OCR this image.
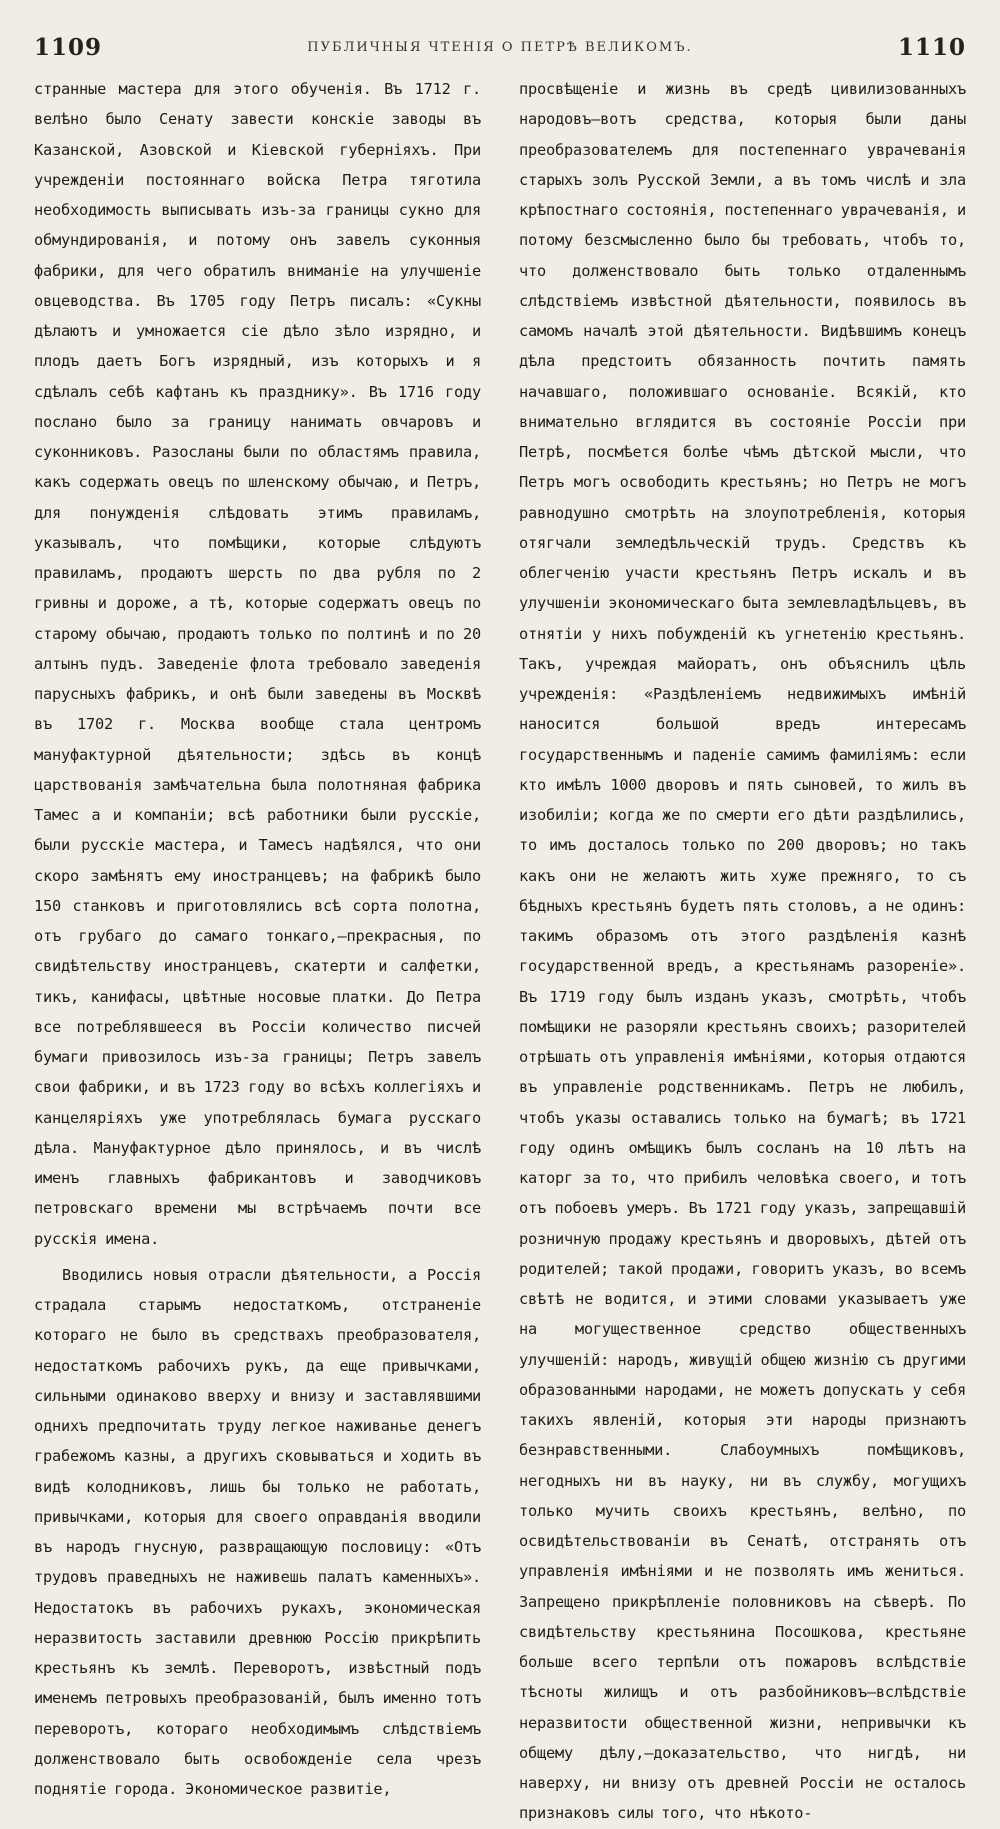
1109	ПУБЛИЧНЫЯ ЧТЕНІЯ О ПЕТРѢ ВЕЛИКОМЪ.	1110

странные мастера для этого обученія. Въ 1712 г. велѣно было Сенату завести конскіе заводы въ Казанской, Азовской и Кіевской губерніяхъ. При учрежденіи постояннаго войска Петра тяготила необходимость выписывать изъ-за границы сукно для обмундированія, и потому онъ завелъ суконныя фабрики, для чего обратилъ вниманіе на улучшеніе овцеводства. Въ 1705 году Петръ писалъ: «Сукны дѣлаютъ и умножается сіе дѣло зѣло изрядно, и плодъ даетъ Богъ изрядный, изъ которыхъ и я сдѣлалъ себѣ кафтанъ къ празднику». Въ 1716 году послано было за границу нанимать овчаровъ и суконниковъ. Разосланы были по областямъ правила, какъ содержать овецъ по шленскому обычаю, и Петръ, для понужденія слѣдовать этимъ правиламъ, указывалъ, что помѣщики, которые слѣдуютъ правиламъ, продаютъ шерсть по два рубля по 2 гривны и дороже, а тѣ, которые содержатъ овецъ по старому обычаю, продаютъ только по полтинѣ и по 20 алтынъ пудъ. Заведеніе флота требовало заведенія парусныхъ фабрикъ, и онѣ были заведены въ Москвѣ въ 1702 г. Москва вообще стала центромъ мануфактурной дѣятельности; здѣсь въ концѣ царствованія замѣчательна была полотняная фабрика Тамес а и компаніи; всѣ работники были русскіе, были русскіе мастера, и Тамесъ надѣялся, что они скоро замѣнятъ ему иностранцевъ; на фабрикѣ было 150 станковъ и приготовлялись всѣ сорта полотна, отъ грубаго до самаго тонкаго,—прекрасныя, по свидѣтельству иностранцевъ, скатерти и салфетки, тикъ, канифасы, цвѣтные носовые платки. До Петра все потреблявшееся въ Россіи количество писчей бумаги привозилось изъ-за границы; Петръ завелъ свои фабрики, и въ 1723 году во всѣхъ коллегіяхъ и канцеляріяхъ уже употреблялась бумага русскаго дѣла. Мануфактурное дѣло принялось, и въ числѣ именъ главныхъ фабрикантовъ и заводчиковъ петровскаго времени мы встрѣчаемъ почти все русскія имена.

Вводились новыя отрасли дѣятельности, а Россія страдала старымъ недостаткомъ, отстраненіе котораго не было въ средствахъ преобразователя, недостаткомъ рабочихъ рукъ, да еще привычками, сильными одинаково вверху и внизу и заставлявшими однихъ предпочитать труду легкое наживанье денегъ грабежомъ казны, а другихъ сковываться и ходить въ видѣ колодниковъ, лишь бы только не работать, привычками, которыя для своего оправданія вводили въ народъ гнусную, развращающую пословицу: «Отъ трудовъ праведныхъ не наживешь палатъ каменныхъ». Недостатокъ въ рабочихъ рукахъ, экономическая неразвитость заставили древнюю Россію прикрѣпить крестьянъ къ землѣ. Переворотъ, извѣстный подъ именемъ петровыхъ преобразованій, былъ именно тотъ переворотъ, котораго необходимымъ слѣдствіемъ долженствовало быть освобожденіе села чрезъ поднятіе города. Экономическое развитіе,

просвѣщеніе и жизнь въ средѣ цивилизованныхъ народовъ—вотъ средства, которыя были даны преобразователемъ для постепеннаго уврачеванія старыхъ золъ Русской Земли, а въ томъ числѣ и зла крѣпостнаго состоянія, постепеннаго уврачеванія, и потому безсмысленно было бы требовать, чтобъ то, что долженствовало быть только отдаленнымъ слѣдствіемъ извѣстной дѣятельности, появилось въ самомъ началѣ этой дѣятельности. Видѣвшимъ конецъ дѣла предстоитъ обязанность почтить память начавшаго, положившаго основаніе. Всякій, кто внимательно вглядится въ состояніе Россіи при Петрѣ, посмѣется болѣе чѣмъ дѣтской мысли, что Петръ могъ освободить крестьянъ; но Петръ не могъ равнодушно смотрѣть на злоупотребленія, которыя отягчали земледѣльческій трудъ. Средствъ къ облегченію участи крестьянъ Петръ искалъ и въ улучшеніи экономическаго быта землевладѣльцевъ, въ отнятіи у нихъ побужденій къ угнетенію крестьянъ. Такъ, учреждая майоратъ, онъ объяснилъ цѣль учрежденія: «Раздѣленіемъ недвижимыхъ имѣній наносится большой вредъ интересамъ государственнымъ и паденіе самимъ фамиліямъ: если кто имѣлъ 1000 дворовъ и пять сыновей, то жилъ въ изобиліи; когда же по смерти его дѣти раздѣлились, то имъ досталось только по 200 дворовъ; но такъ какъ они не желаютъ жить хуже прежняго, то съ бѣдныхъ крестьянъ будетъ пять столовъ, а не одинъ: такимъ образомъ отъ этого раздѣленія казнѣ государственной вредъ, а крестьянамъ разореніе». Въ 1719 году былъ изданъ указъ, смотрѣть, чтобъ помѣщики не разоряли крестьянъ своихъ; разорителей отрѣшать отъ управленія имѣніями, которыя отдаются въ управленіе родственникамъ. Петръ не любилъ, чтобъ указы оставались только на бумагѣ; въ 1721 году одинъ омѣщикъ былъ сосланъ на 10 лѣтъ на каторг за то, что прибилъ человѣка своего, и тотъ отъ побоевъ умеръ. Въ 1721 году указъ, запрещавшій розничную продажу крестьянъ и дворовыхъ, дѣтей отъ родителей; такой продажи, говоритъ указъ, во всемъ свѣтѣ не водится, и этими словами указываетъ уже на могущественное средство общественныхъ улучшеній: народъ, живущій общею жизнію съ другими образованными народами, не можетъ допускать у себя такихъ явленій, которыя эти народы признаютъ безнравственными. Слабоумныхъ помѣщиковъ, негодныхъ ни въ науку, ни въ службу, могущихъ только мучить своихъ крестьянъ, велѣно, по освидѣтельствованіи въ Сенатѣ, отстранять отъ управленія имѣніями и не позволять имъ жениться. Запрещено прикрѣпленіе половниковъ на сѣверѣ. По свидѣтельству крестьянина Посошкова, крестьяне больше всего терпѣли отъ пожаровъ вслѣдствіе тѣсноты жилищъ и отъ разбойниковъ—вслѣдствіе неразвитости общественной жизни, непривычки къ общему дѣлу,—доказательство, что нигдѣ, ни наверху, ни внизу отъ древней Россіи не осталось признаковъ силы того, что нѣкото-
